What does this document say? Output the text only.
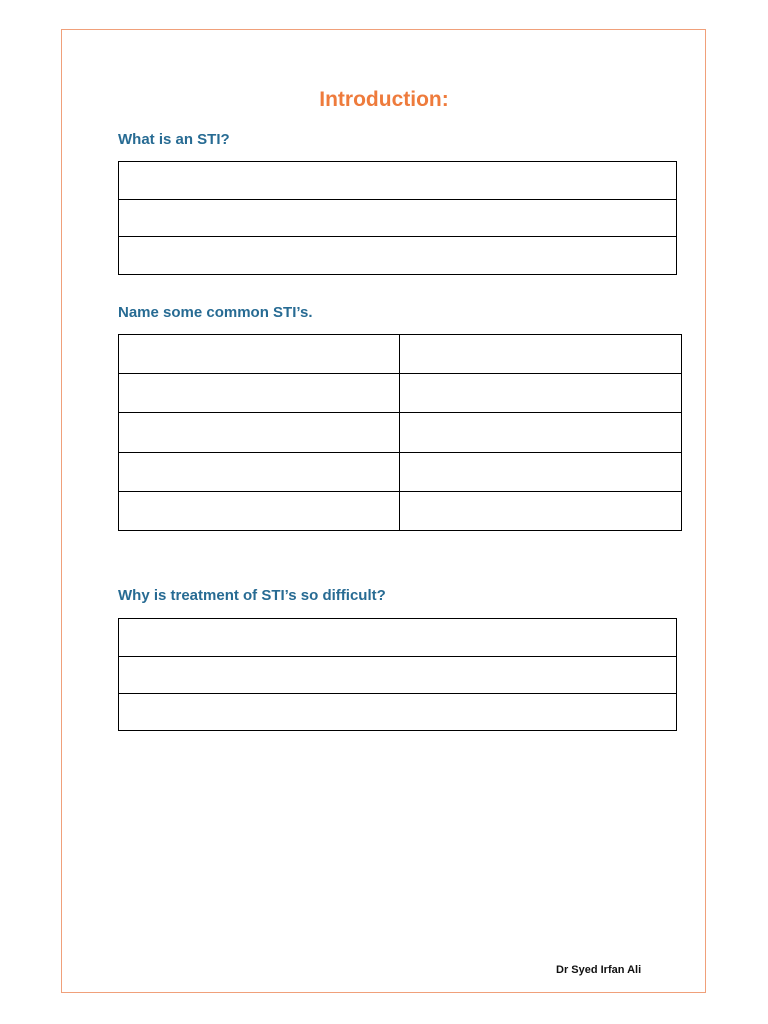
Introduction:

What is an STI?

Name some common STI’s.

Why is treatment of STI’s so difficult?

Dr Syed Irfan Ali
